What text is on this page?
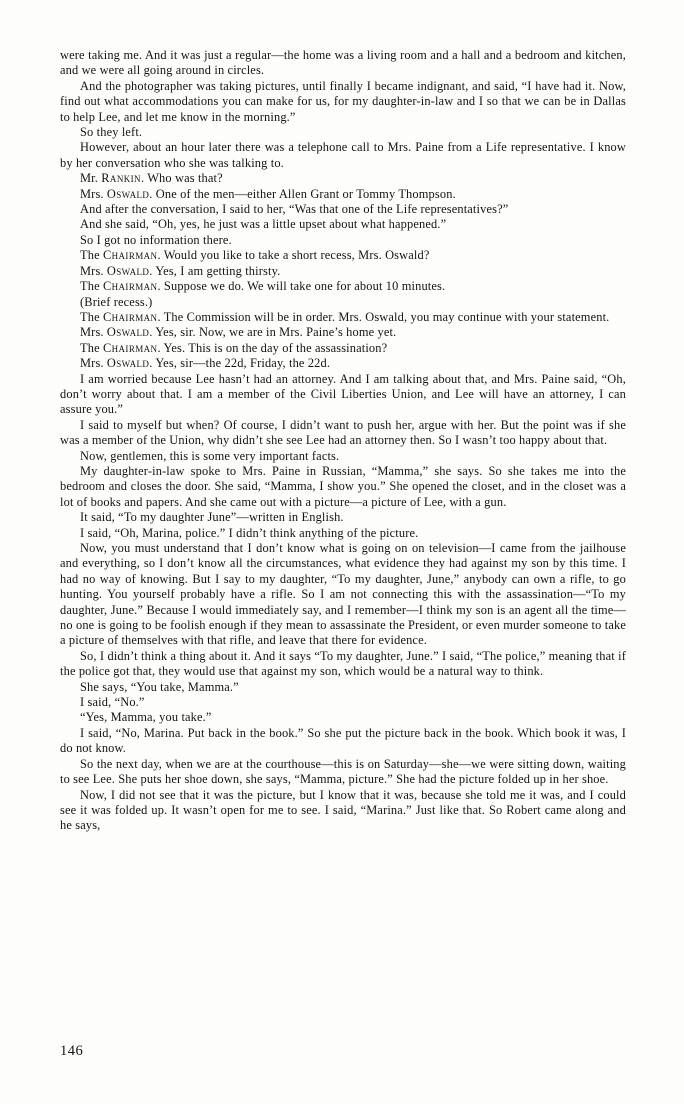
were taking me. And it was just a regular—the home was a living room and a hall and a bedroom and kitchen, and we were all going around in circles.

And the photographer was taking pictures, until finally I became indignant, and said, “I have had it. Now, find out what accommodations you can make for us, for my daughter-in-law and I so that we can be in Dallas to help Lee, and let me know in the morning.”

So they left.

However, about an hour later there was a telephone call to Mrs. Paine from a Life representative. I know by her conversation who she was talking to.

Mr. Rankin. Who was that?

Mrs. Oswald. One of the men—either Allen Grant or Tommy Thompson.

And after the conversation, I said to her, “Was that one of the Life representatives?”

And she said, “Oh, yes, he just was a little upset about what happened.”

So I got no information there.

The Chairman. Would you like to take a short recess, Mrs. Oswald?

Mrs. Oswald. Yes, I am getting thirsty.

The Chairman. Suppose we do. We will take one for about 10 minutes.

(Brief recess.)

The Chairman. The Commission will be in order. Mrs. Oswald, you may continue with your statement.

Mrs. Oswald. Yes, sir. Now, we are in Mrs. Paine’s home yet.

The Chairman. Yes. This is on the day of the assassination?

Mrs. Oswald. Yes, sir—the 22d, Friday, the 22d.

I am worried because Lee hasn’t had an attorney. And I am talking about that, and Mrs. Paine said, “Oh, don’t worry about that. I am a member of the Civil Liberties Union, and Lee will have an attorney, I can assure you.”

I said to myself but when? Of course, I didn’t want to push her, argue with her. But the point was if she was a member of the Union, why didn’t she see Lee had an attorney then. So I wasn’t too happy about that.

Now, gentlemen, this is some very important facts.

My daughter-in-law spoke to Mrs. Paine in Russian, “Mamma,” she says. So she takes me into the bedroom and closes the door. She said, “Mamma, I show you.” She opened the closet, and in the closet was a lot of books and papers. And she came out with a picture—a picture of Lee, with a gun.

It said, “To my daughter June”—written in English.

I said, “Oh, Marina, police.” I didn’t think anything of the picture.

Now, you must understand that I don’t know what is going on on television—I came from the jailhouse and everything, so I don’t know all the circumstances, what evidence they had against my son by this time. I had no way of knowing. But I say to my daughter, “To my daughter, June,” anybody can own a rifle, to go hunting. You yourself probably have a rifle. So I am not connecting this with the assassination—“To my daughter, June.” Because I would immediately say, and I remember—I think my son is an agent all the time—no one is going to be foolish enough if they mean to assassinate the President, or even murder someone to take a picture of themselves with that rifle, and leave that there for evidence.

So, I didn’t think a thing about it. And it says “To my daughter, June.” I said, “The police,” meaning that if the police got that, they would use that against my son, which would be a natural way to think.

She says, “You take, Mamma.”

I said, “No.”

“Yes, Mamma, you take.”

I said, “No, Marina. Put back in the book.” So she put the picture back in the book. Which book it was, I do not know.

So the next day, when we are at the courthouse—this is on Saturday—she—we were sitting down, waiting to see Lee. She puts her shoe down, she says, “Mamma, picture.” She had the picture folded up in her shoe.

Now, I did not see that it was the picture, but I know that it was, because she told me it was, and I could see it was folded up. It wasn’t open for me to see. I said, “Marina.” Just like that. So Robert came along and he says,

146
